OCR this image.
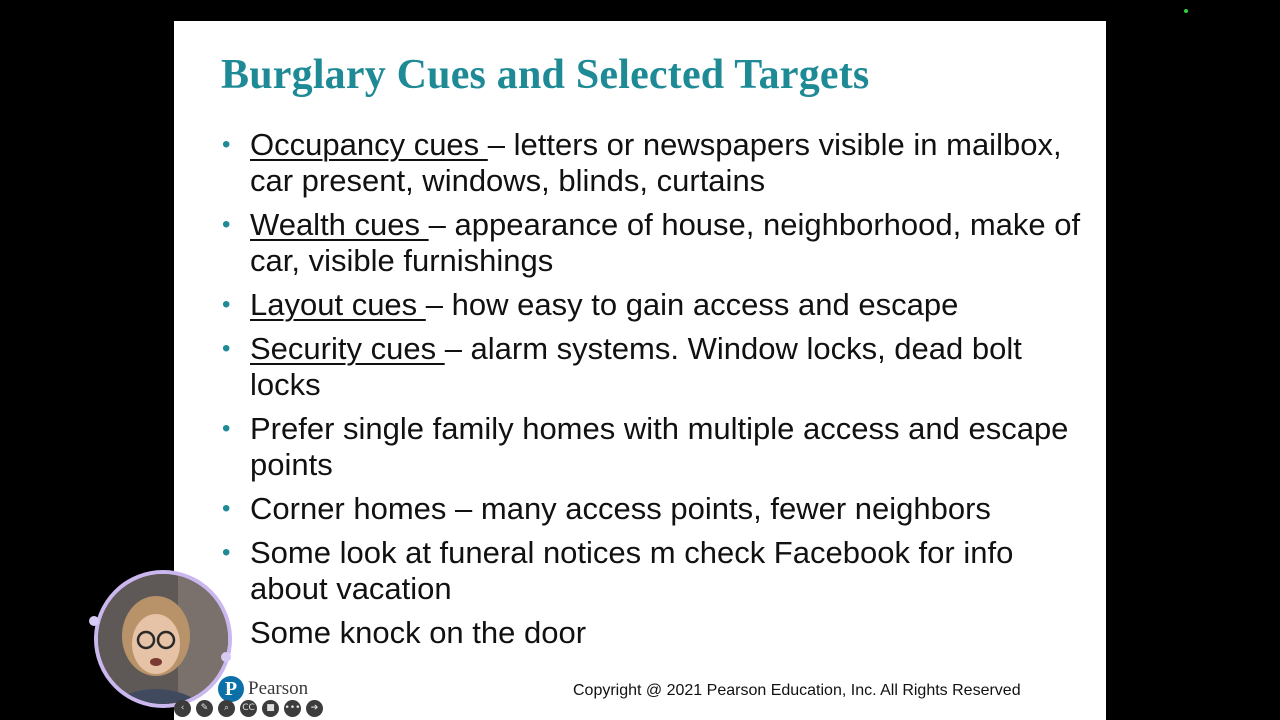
Burglary Cues and Selected Targets
• Occupancy cues – letters or newspapers visible in mailbox, car present, windows, blinds, curtains
• Wealth cues – appearance of house, neighborhood, make of car, visible furnishings
• Layout cues – how easy to gain access and escape
• Security cues – alarm systems. Window locks, dead bolt locks
• Prefer single family homes with multiple access and escape points
• Corner homes – many access points, fewer neighbors
• Some look at funeral notices m check Facebook for info about vacation
Some knock on the door
P Pearson	Copyright @ 2021 Pearson Education, Inc. All Rights Reserved
‹	✎	⌕	CC	■	•••	➔
